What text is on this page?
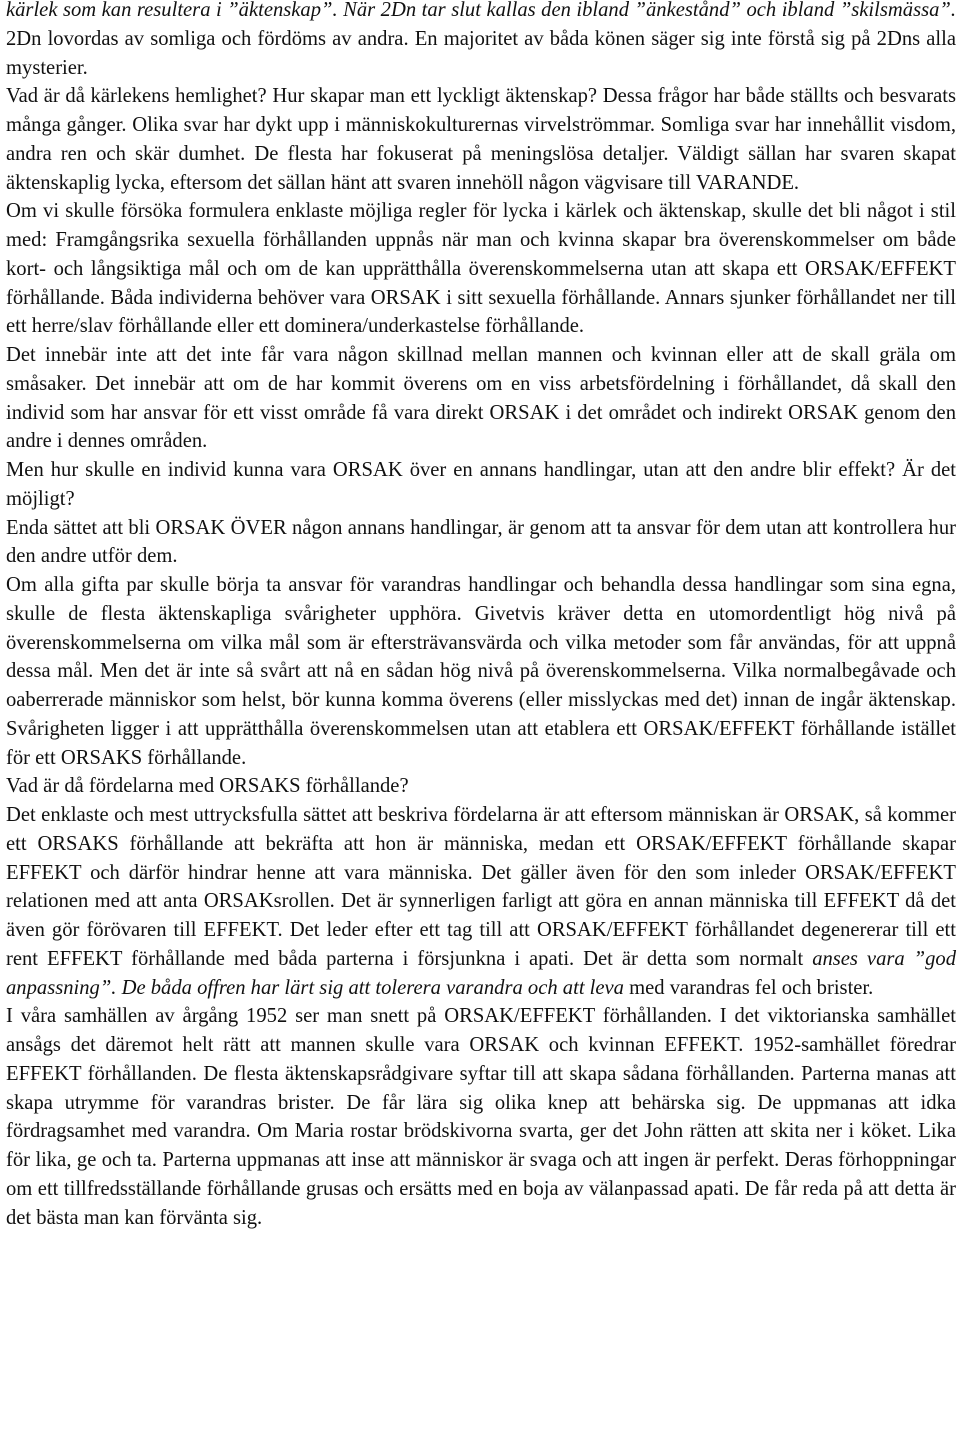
kärlek som kan resultera i ”äktenskap”. När 2Dn tar slut kallas den ibland ”änkestånd” och ibland ”skilsmässa”. 2Dn lovordas av somliga och fördöms av andra. En majoritet av båda könen säger sig inte förstå sig på 2Dns alla mysterier.

Vad är då kärlekens hemlighet? Hur skapar man ett lyckligt äktenskap? Dessa frågor har både ställts och besvarats många gånger. Olika svar har dykt upp i människokulturernas virvelströmmar. Somliga svar har innehållit visdom, andra ren och skär dumhet. De flesta har fokuserat på meningslösa detaljer. Väldigt sällan har svaren skapat äktenskaplig lycka, eftersom det sällan hänt att svaren innehöll någon vägvisare till VARANDE.

Om vi skulle försöka formulera enklaste möjliga regler för lycka i kärlek och äktenskap, skulle det bli något i stil med: Framgångsrika sexuella förhållanden uppnås när man och kvinna skapar bra överenskommelser om både kort- och långsiktiga mål och om de kan upprätthålla överenskommelserna utan att skapa ett ORSAK/EFFEKT förhållande. Båda individerna behöver vara ORSAK i sitt sexuella förhållande. Annars sjunker förhållandet ner till ett herre/slav förhållande eller ett dominera/underkastelse förhållande.

Det innebär inte att det inte får vara någon skillnad mellan mannen och kvinnan eller att de skall gräla om småsaker. Det innebär att om de har kommit överens om en viss arbetsfördelning i förhållandet, då skall den individ som har ansvar för ett visst område få vara direkt ORSAK i det området och indirekt ORSAK genom den andre i dennes områden.

Men hur skulle en individ kunna vara ORSAK över en annans handlingar, utan att den andre blir effekt? Är det möjligt?

Enda sättet att bli ORSAK ÖVER någon annans handlingar, är genom att ta ansvar för dem utan att kontrollera hur den andre utför dem.

Om alla gifta par skulle börja ta ansvar för varandras handlingar och behandla dessa handlingar som sina egna, skulle de flesta äktenskapliga svårigheter upphöra. Givetvis kräver detta en utomordentligt hög nivå på överenskommelserna om vilka mål som är eftersträvansvärda och vilka metoder som får användas, för att uppnå dessa mål. Men det är inte så svårt att nå en sådan hög nivå på överenskommelserna. Vilka normalbegåvade och oaberrerade människor som helst, bör kunna komma överens (eller misslyckas med det) innan de ingår äktenskap. Svårigheten ligger i att upprätthålla överenskommelsen utan att etablera ett ORSAK/EFFEKT förhållande istället för ett ORSAKS förhållande.

Vad är då fördelarna med ORSAKS förhållande?

Det enklaste och mest uttrycksfulla sättet att beskriva fördelarna är att eftersom människan är ORSAK, så kommer ett ORSAKS förhållande att bekräfta att hon är människa, medan ett ORSAK/EFFEKT förhållande skapar EFFEKT och därför hindrar henne att vara människa. Det gäller även för den som inleder ORSAK/EFFEKT relationen med att anta ORSAKsrollen. Det är synnerligen farligt att göra en annan människa till EFFEKT då det även gör förövaren till EFFEKT. Det leder efter ett tag till att ORSAK/EFFEKT förhållandet degenererar till ett rent EFFEKT förhållande med båda parterna i försjunkna i apati. Det är detta som normalt anses vara ”god anpassning”. De båda offren har lärt sig att tolerera varandra och att leva med varandras fel och brister.

I våra samhällen av årgång 1952 ser man snett på ORSAK/EFFEKT förhållanden. I det viktorianska samhället ansågs det däremot helt rätt att mannen skulle vara ORSAK och kvinnan EFFEKT. 1952-samhället föredrar EFFEKT förhållanden. De flesta äktenskapsrådgivare syftar till att skapa sådana förhållanden. Parterna manas att skapa utrymme för varandras brister. De får lära sig olika knep att behärska sig. De uppmanas att idka fördragsamhet med varandra. Om Maria rostar brödskivorna svarta, ger det John rätten att skita ner i köket. Lika för lika, ge och ta. Parterna uppmanas att inse att människor är svaga och att ingen är perfekt. Deras förhoppningar om ett tillfredsställande förhållande grusas och ersätts med en boja av välanpassad apati. De får reda på att detta är det bästa man kan förvänta sig.
